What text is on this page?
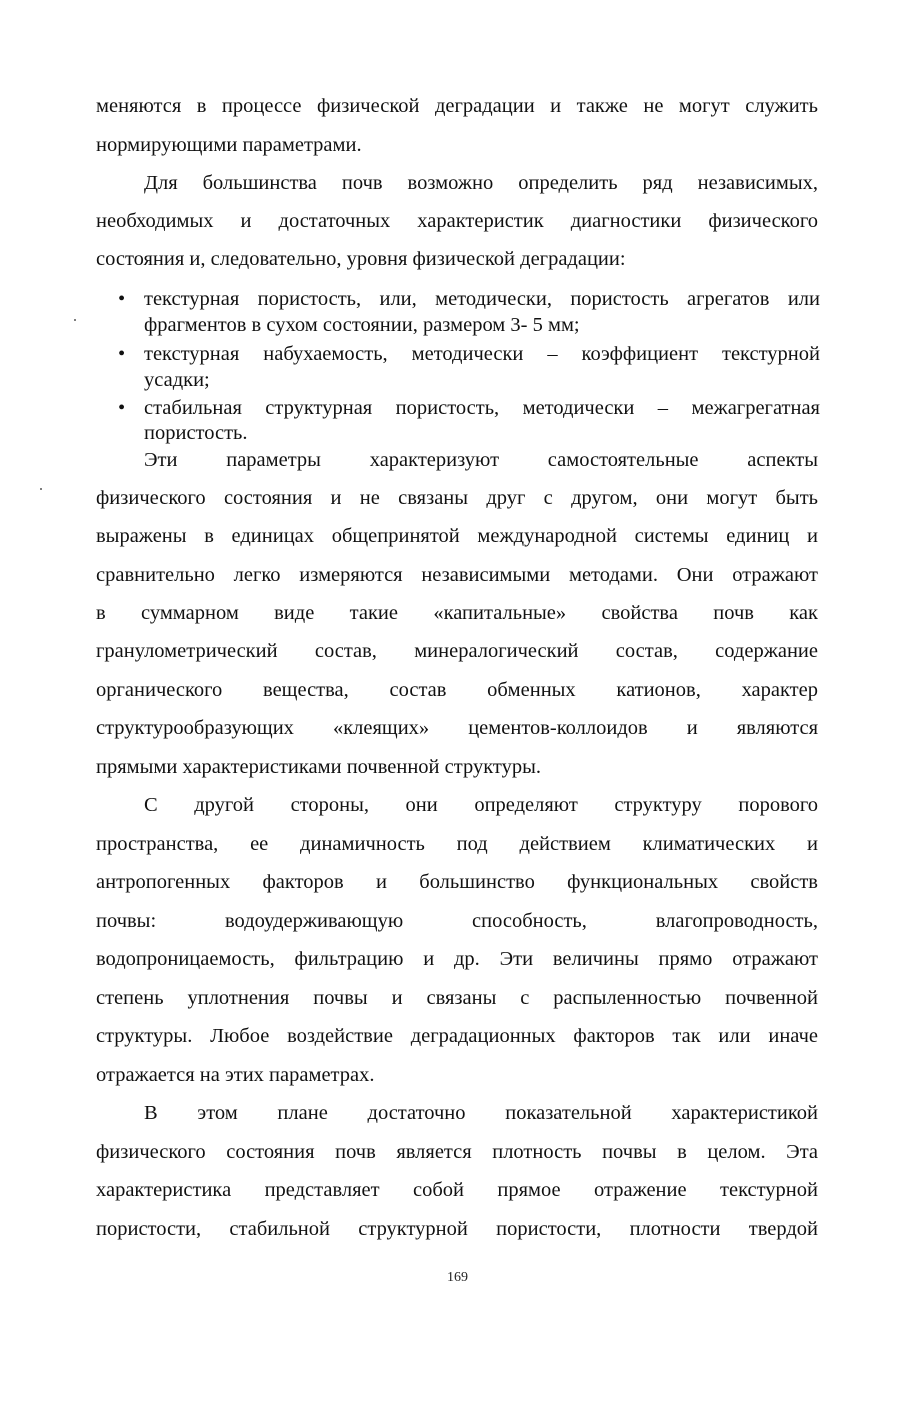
меняются в процессе физической деградации и также не могут служить
нормирующими параметрами.
Для большинства почв возможно определить ряд независимых,
необходимых и достаточных характеристик диагностики физического
состояния и, следовательно, уровня физической деградации:
• текстурная пористость, или, методически, пористость агрегатов или
фрагментов в сухом состоянии, размером 3- 5 мм;
• текстурная набухаемость, методически – коэффициент текстурной
усадки;
• стабильная структурная пористость, методически – межагрегатная
пористость.
Эти параметры характеризуют самостоятельные аспекты
физического состояния и не связаны друг с другом, они могут быть
выражены в единицах общепринятой международной системы единиц и
сравнительно легко измеряются независимыми методами. Они отражают
в суммарном виде такие «капитальные» свойства почв как
гранулометрический состав, минералогический состав, содержание
органического вещества, состав обменных катионов, характер
структурообразующих «клеящих» цементов-коллоидов и являются
прямыми характеристиками почвенной структуры.
С другой стороны, они определяют структуру порового
пространства, ее динамичность под действием климатических и
антропогенных факторов и большинство функциональных свойств
почвы: водоудерживающую способность, влагопроводность,
водопроницаемость, фильтрацию и др. Эти величины прямо отражают
степень уплотнения почвы и связаны с распыленностью почвенной
структуры. Любое воздействие деградационных факторов так или иначе
отражается на этих параметрах.
В этом плане достаточно показательной характеристикой
физического состояния почв является плотность почвы в целом. Эта
характеристика представляет собой прямое отражение текстурной
пористости, стабильной структурной пористости, плотности твердой
169
